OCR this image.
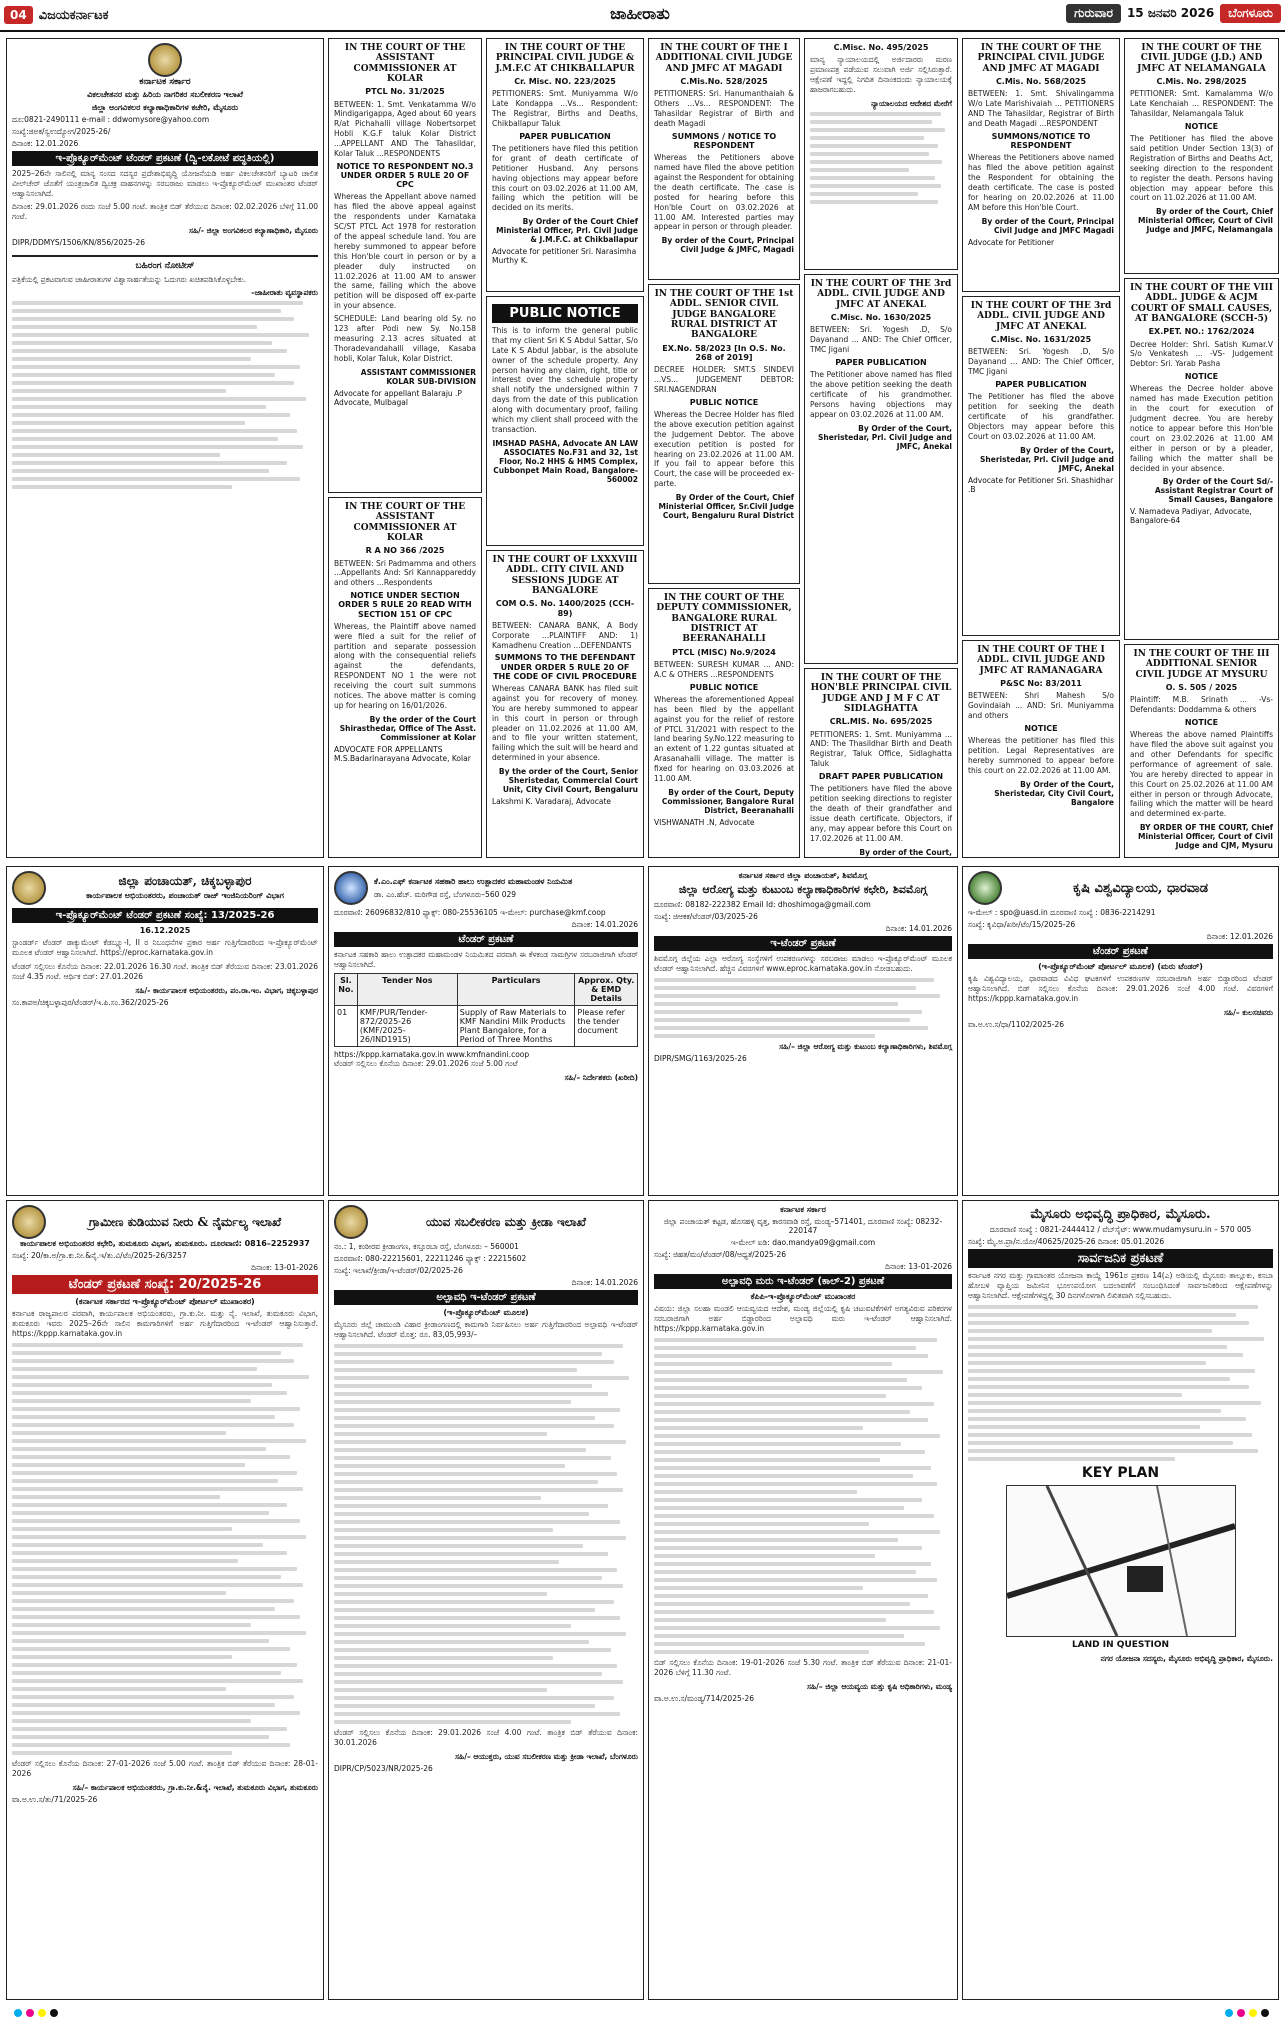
04 ವಿಜಯಕರ್ನಾಟಕ	ಜಾಹೀರಾತು	ಗುರುವಾರ	15 ಜನವರಿ 2026	ಬೆಂಗಳೂರು
ಕರ್ನಾಟಕ ಸರ್ಕಾರ
ವಿಕಲಚೇತನರ ಮತ್ತು ಹಿರಿಯ ನಾಗರಿಕರ ಸಬಲೀಕರಣ ಇಲಾಖೆ
ಜಿಲ್ಲಾ ಅಂಗವಿಕಲರ ಕಲ್ಯಾಣಾಧಿಕಾರಿಗಳ ಕಚೇರಿ, ಮೈಸೂರು
ದೂ:0821-2490111 e-mail : ddwomysore@yahoo.com
ಸಂಖ್ಯೆ:ಜಿಅಕ/ಸ್ವಉದ್ಯೋಗ/2025-26/
ದಿನಾಂಕ: 12.01.2026
ಇ-ಪ್ರೊಕ್ಯೂರ್‌ಮೆಂಟ್ ಟೆಂಡರ್ ಪ್ರಕಟಣೆ (ದ್ವಿ-ಲಕೋಟೆ ಪದ್ಧತಿಯಲ್ಲಿ)
2025–26ನೇ ಸಾಲಿನಲ್ಲಿ ಮಾನ್ಯ ಸಂಸದ ಸದಸ್ಯರ ಪ್ರದೇಶಾಭಿವೃದ್ಧಿ ಯೋಜನೆಯಡಿ ಅರ್ಹ ವಿಕಲಚೇತನರಿಗೆ ಬ್ಯಾಟರಿ ಚಾಲಿತ ವೀಲ್‌ಚೇರ್ ಜೊತೆಗೆ ಯಂತ್ರಚಾಲಿತ ದ್ವಿಚಕ್ರ ವಾಹನಗಳನ್ನು ಸರಬರಾಜು ಮಾಡಲು ಇ-ಪ್ರೊಕ್ಯೂರ್‌ಮೆಂಟ್ ಮುಖಾಂತರ ಟೆಂಡರ್ ಆಹ್ವಾನಿಸಲಾಗಿದೆ.
ದಿನಾಂಕ: 29.01.2026 ರಂದು ಸಂಜೆ 5.00 ಗಂಟೆ. ತಾಂತ್ರಿಕ ಬಿಡ್ ತೆರೆಯುವ ದಿನಾಂಕ: 02.02.2026 ಬೆಳಿಗ್ಗೆ 11.00 ಗಂಟೆ.
ಸಹಿ/- ಜಿಲ್ಲಾ ಅಂಗವಿಕಲರ ಕಲ್ಯಾಣಾಧಿಕಾರಿ, ಮೈಸೂರು
DIPR/DDMYS/1506/KN/856/2025-26
ಬಹಿರಂಗ ನೋಟೀಸ್
ಪತ್ರಿಕೆಯಲ್ಲಿ ಪ್ರಕಟವಾಗುವ ಜಾಹೀರಾತುಗಳ ವಿಶ್ವಾಸಾರ್ಹತೆಯನ್ನು ಓದುಗರು ಖಚಿತಪಡಿಸಿಕೊಳ್ಳಬೇಕು.
–ಜಾಹೀರಾತು ವ್ಯವಸ್ಥಾಪಕರು
IN THE COURT OF THE ASSISTANT COMMISSIONER AT KOLAR
PTCL No. 31/2025
BETWEEN: 1. Smt. Venkatamma W/o Mindigarigappa, Aged about 60 years R/at Pichahalli village Nobertsorpet Hobli K.G.F taluk Kolar District ...APPELLANT AND The Tahasildar, Kolar Taluk ...RESPONDENTS
NOTICE TO RESPONDENT NO.3 UNDER ORDER 5 RULE 20 OF CPC
Whereas the Appellant above named has filed the above appeal against the respondents under Karnataka SC/ST PTCL Act 1978 for restoration of the appeal schedule land. You are hereby summoned to appear before this Hon'ble court in person or by a pleader duly instructed on 11.02.2026 at 11.00 AM to answer the same, failing which the above petition will be disposed off ex-parte in your absence.
SCHEDULE: Land bearing old Sy. no 123 after Podi new Sy. No.158 measuring 2.13 acres situated at Thoradevandahalli village, Kasaba hobli, Kolar Taluk, Kolar District.
ASSISTANT COMMISSIONER KOLAR SUB-DIVISION
Advocate for appellant Balaraju .P Advocate, Mulbagal
IN THE COURT OF THE ASSISTANT COMMISSIONER AT KOLAR
R A NO 366 /2025
BETWEEN: Sri Padmamma and others ...Appellants And: Sri Kannappareddy and others ...Respondents
NOTICE UNDER SECTION ORDER 5 RULE 20 READ WITH SECTION 151 OF CPC
Whereas, the Plaintiff above named were filed a suit for the relief of partition and separate possession along with the consequential reliefs against the defendants, RESPONDENT NO 1 the were not receiving the court suit summons notices. The above matter is coming up for hearing on 16/01/2026.
By the order of the Court Shirasthedar, Office of The Asst. Commissioner at Kolar
ADVOCATE FOR APPELLANTS M.S.Badarinarayana Advocate, Kolar
IN THE COURT OF THE PRINCIPAL CIVIL JUDGE & J.M.F.C AT CHIKBALLAPUR
Cr. Misc. NO. 223/2025
PETITIONERS: Smt. Muniyamma W/o Late Kondappa ...Vs... Respondent: The Registrar, Births and Deaths, Chikballapur Taluk
PAPER PUBLICATION
The petitioners have filed this petition for grant of death certificate of Petitioner Husband. Any persons having objections may appear before this court on 03.02.2026 at 11.00 AM, failing which the petition will be decided on its merits.
By Order of the Court Chief Ministerial Officer, Prl. Civil Judge & J.M.F.C. at Chikballapur
Advocate for petitioner Sri. Narasimha Murthy K.
PUBLIC NOTICE
This is to inform the general public that my client Sri K S Abdul Sattar, S/o Late K S Abdul Jabbar, is the absolute owner of the schedule property. Any person having any claim, right, title or interest over the schedule property shall notify the undersigned within 7 days from the date of this publication along with documentary proof, failing which my client shall proceed with the transaction.
IMSHAD PASHA, Advocate AN LAW ASSOCIATES No.F31 and 32, 1st Floor, No.2 HHS & HMS Complex, Cubbonpet Main Road, Bangalore-560002
IN THE COURT OF LXXXVIII ADDL. CITY CIVIL AND SESSIONS JUDGE AT BANGALORE
COM O.S. No. 1400/2025 (CCH-89)
BETWEEN: CANARA BANK, A Body Corporate ...PLAINTIFF AND: 1) Kamadhenu Creation ...DEFENDANTS
SUMMONS TO THE DEFENDANT UNDER ORDER 5 RULE 20 OF THE CODE OF CIVIL PROCEDURE
Whereas CANARA BANK has filed suit against you for recovery of money. You are hereby summoned to appear in this court in person or through pleader on 11.02.2026 at 11.00 AM, and to file your written statement, failing which the suit will be heard and determined in your absence.
By the order of the Court, Senior Sheristedar, Commercial Court Unit, City Civil Court, Bengaluru
Lakshmi K. Varadaraj, Advocate
IN THE COURT OF THE I ADDITIONAL CIVIL JUDGE AND JMFC AT MAGADI
C.Mis.No. 528/2025
PETITIONERS: Sri. Hanumanthaiah & Others ...Vs... RESPONDENT: The Tahasildar Registrar of Birth and death Magadi
SUMMONS / NOTICE TO RESPONDENT
Whereas the Petitioners above named have filed the above petition against the Respondent for obtaining the death certificate. The case is posted for hearing before this Hon'ble Court on 03.02.2026 at 11.00 AM. Interested parties may appear in person or through pleader.
By order of the Court, Principal Civil Judge & JMFC, Magadi
IN THE COURT OF THE 1st ADDL. SENIOR CIVIL JUDGE BANGALORE RURAL DISTRICT AT BANGALORE
EX.No. 58/2023 [In O.S. No. 268 of 2019]
DECREE HOLDER: SMT.S SINDEVI ...VS... JUDGEMENT DEBTOR: SRI.NAGENDRAN
PUBLIC NOTICE
Whereas the Decree Holder has filed the above execution petition against the Judgement Debtor. The above execution petition is posted for hearing on 23.02.2026 at 11.00 AM. If you fail to appear before this Court, the case will be proceeded ex-parte.
By Order of the Court, Chief Ministerial Officer, Sr.Civil Judge Court, Bengaluru Rural District
IN THE COURT OF THE DEPUTY COMMISSIONER, BANGALORE RURAL DISTRICT AT BEERANAHALLI
PTCL (MISC) No.9/2024
BETWEEN: SURESH KUMAR ... AND: A.C & OTHERS ...RESPONDENTS
PUBLIC NOTICE
Whereas the aforementioned Appeal has been filed by the appellant against you for the relief of restore of PTCL 31/2021 with respect to the land bearing Sy.No.122 measuring to an extent of 1.22 guntas situated at Arasanahalli village. The matter is fixed for hearing on 03.03.2026 at 11.00 AM.
By order of the Court, Deputy Commissioner, Bangalore Rural District, Beeranahalli
VISHWANATH .N, Advocate
C.Misc. No. 495/2025
ಮಾನ್ಯ ನ್ಯಾಯಾಲಯದಲ್ಲಿ ಅರ್ಜಿದಾರರು ಮರಣ ಪ್ರಮಾಣಪತ್ರ ಪಡೆಯುವ ಸಲುವಾಗಿ ಅರ್ಜಿ ಸಲ್ಲಿಸಿರುತ್ತಾರೆ. ಆಕ್ಷೇಪಣೆ ಇದ್ದಲ್ಲಿ ನಿಗದಿತ ದಿನಾಂಕದಂದು ನ್ಯಾಯಾಲಯಕ್ಕೆ ಹಾಜರಾಗಬಹುದು.
ನ್ಯಾಯಾಲಯದ ಆದೇಶದ ಮೇರೆಗೆ
IN THE COURT OF THE 3rd ADDL. CIVIL JUDGE AND JMFC AT ANEKAL
C.Misc. No. 1630/2025
BETWEEN: Sri. Yogesh .D, S/o Dayanand ... AND: The Chief Officer, TMC Jigani
PAPER PUBLICATION
The Petitioner above named has filed the above petition seeking the death certificate of his grandmother. Persons having objections may appear on 03.02.2026 at 11.00 AM.
By Order of the Court, Sheristedar, Prl. Civil Judge and JMFC, Anekal
IN THE COURT OF THE HON'BLE PRINCIPAL CIVIL JUDGE AND J M F C AT SIDLAGHATTA
CRL.MIS. No. 695/2025
PETITIONERS: 1. Smt. Muniyamma ... AND: The Thasildhar Birth and Death Registrar, Taluk Office, Sidlaghatta Taluk
DRAFT PAPER PUBLICATION
The petitioners have filed the above petition seeking directions to register the death of their grandfather and issue death certificate. Objectors, if any, may appear before this Court on 17.02.2026 at 11.00 AM.
By order of the Court,
IN THE COURT OF THE PRINCIPAL CIVIL JUDGE AND JMFC AT MAGADI
C.Mis. No. 568/2025
BETWEEN: 1. Smt. Shivalingamma W/o Late Marishivaiah ... PETITIONERS AND The Tahasildar, Registrar of Birth and Death Magadi ...RESPONDENT
SUMMONS/NOTICE TO RESPONDENT
Whereas the Petitioners above named has filed the above petition against the Respondent for obtaining the death certificate. The case is posted for hearing on 20.02.2026 at 11.00 AM before this Hon'ble Court.
By order of the Court, Principal Civil Judge and JMFC Magadi
Advocate for Petitioner
IN THE COURT OF THE 3rd ADDL. CIVIL JUDGE AND JMFC AT ANEKAL
C.Misc. No. 1631/2025
BETWEEN: Sri. Yogesh .D, S/o Dayanand ... AND: The Chief Officer, TMC Jigani
PAPER PUBLICATION
The Petitioner has filed the above petition for seeking the death certificate of his grandfather. Objectors may appear before this Court on 03.02.2026 at 11.00 AM.
By Order of the Court, Sheristedar, Prl. Civil Judge and JMFC, Anekal
Advocate for Petitioner Sri. Shashidhar .B
IN THE COURT OF THE I ADDL. CIVIL JUDGE AND JMFC AT RAMANAGARA
P&SC No: 83/2011
BETWEEN: Shri Mahesh S/o Govindaiah ... AND: Sri. Muniyamma and others
NOTICE
Whereas the petitioner has filed this petition. Legal Representatives are hereby summoned to appear before this court on 22.02.2026 at 11.00 AM.
By Order of the Court, Sheristedar, City Civil Court, Bangalore
IN THE COURT OF THE CIVIL JUDGE (J.D.) AND JMFC AT NELAMANGALA
C.Mis. No. 298/2025
PETITIONER: Smt. Kamalamma W/o Late Kenchaiah ... RESPONDENT: The Tahasildar, Nelamangala Taluk
NOTICE
The Petitioner has filed the above said petition Under Section 13(3) of Registration of Births and Deaths Act, seeking direction to the respondent to register the death. Persons having objection may appear before this court on 11.02.2026 at 11.00 AM.
By order of the Court, Chief Ministerial Officer, Court of Civil Judge and JMFC, Nelamangala
IN THE COURT OF THE VIII ADDL. JUDGE & ACJM COURT OF SMALL CAUSES, AT BANGALORE (SCCH-5)
EX.PET. NO.: 1762/2024
Decree Holder: Shri. Satish Kumar.V S/o Venkatesh ... -VS- Judgement Debtor: Sri. Yarab Pasha
NOTICE
Whereas the Decree holder above named has made Execution petition in the court for execution of Judgment decree. You are hereby notice to appear before this Hon'ble court on 23.02.2026 at 11.00 AM either in person or by a pleader, failing which the matter shall be decided in your absence.
By Order of the Court Sd/- Assistant Registrar Court of Small Causes, Bangalore
V. Namadeva Padiyar, Advocate, Bangalore-64
IN THE COURT OF THE III ADDITIONAL SENIOR CIVIL JUDGE AT MYSURU
O. S. 505 / 2025
Plaintiff: M.B. Srinath ... -Vs- Defendants: Doddamma & others
NOTICE
Whereas the above named Plaintiffs have filed the above suit against you and other Defendants for specific performance of agreement of sale. You are hereby directed to appear in this Court on 25.02.2026 at 11.00 AM either in person or through Advocate, failing which the matter will be heard and determined ex-parte.
BY ORDER OF THE COURT, Chief Ministerial Officer, Court of Civil Judge and CJM, Mysuru
ಜಿಲ್ಲಾ ಪಂಚಾಯತ್, ಚಿಕ್ಕಬಳ್ಳಾಪುರ
ಕಾರ್ಯಪಾಲಕ ಅಭಿಯಂತರರು, ಪಂಚಾಯತ್ ರಾಜ್ ಇಂಜಿನಿಯರಿಂಗ್ ವಿಭಾಗ
ಇ-ಪ್ರೊಕ್ಯೂರ್‌ಮೆಂಟ್ ಟೆಂಡರ್ ಪ್ರಕಟಣೆ ಸಂಖ್ಯೆ: 13/2025-26
16.12.2025
ಸ್ಟಾಂಡರ್ಡ್ ಟೆಂಡರ್ ಡಾಕ್ಯುಮೆಂಟ್ ಕೆಡಬ್ಲ್ಯೂ-I, II ರ ನಿಬಂಧನೆಗಳ ಪ್ರಕಾರ ಅರ್ಹ ಗುತ್ತಿಗೆದಾರರಿಂದ ಇ-ಪ್ರೊಕ್ಯೂರ್‌ಮೆಂಟ್ ಮೂಲಕ ಟೆಂಡರ್ ಆಹ್ವಾನಿಸಲಾಗಿದೆ. https://eproc.karnataka.gov.in
ಟೆಂಡರ್ ಸಲ್ಲಿಸಲು ಕೊನೆಯ ದಿನಾಂಕ: 22.01.2026 16.30 ಗಂಟೆ. ತಾಂತ್ರಿಕ ಬಿಡ್ ತೆರೆಯುವ ದಿನಾಂಕ: 23.01.2026 ಸಂಜೆ 4.35 ಗಂಟೆ. ಆರ್ಥಿಕ ಬಿಡ್: 27.01.2026
ಸಹಿ/- ಕಾರ್ಯಪಾಲಕ ಅಭಿಯಂತರರು, ಪಂ.ರಾ.ಇಂ. ವಿಭಾಗ, ಚಿಕ್ಕಬಳ್ಳಾಪುರ
ಸಂ.ಕಾಪಅ/ಚಿಕ್ಕಬಳ್ಳಾಪುರ/ಟೆಂಡರ್/ಇ.ಪಿ.ಸಂ.362/2025-26
ಕೆ.ಎಂ.ಎಫ್ ಕರ್ನಾಟಕ ಸಹಕಾರಿ ಹಾಲು ಉತ್ಪಾದಕರ ಮಹಾಮಂಡಳ ನಿಯಮಿತ
ಡಾ. ಎಂ.ಹೆಚ್. ಮರಿಗೌಡ ರಸ್ತೆ, ಬೆಂಗಳೂರು–560 029
ದೂರವಾಣಿ: 26096832/810 ಫ್ಯಾಕ್ಸ್: 080-25536105 ಇ-ಮೇಲ್: purchase@kmf.coop
ದಿನಾಂಕ: 14.01.2026
ಟೆಂಡರ್ ಪ್ರಕಟಣೆ
ಕರ್ನಾಟಕ ಸಹಕಾರಿ ಹಾಲು ಉತ್ಪಾದಕರ ಮಹಾಮಂಡಳ ನಿಯಮಿತದ ಪರವಾಗಿ ಈ ಕೆಳಕಂಡ ಸಾಮಗ್ರಿಗಳ ಸರಬರಾಜಿಗಾಗಿ ಟೆಂಡರ್ ಆಹ್ವಾನಿಸಲಾಗಿದೆ.
Sl. No.	Tender Nos	Particulars	Approx. Qty. & EMD Details
01	KMF/PUR/Tender-872/2025-26 (KMF/2025-26/IND1915)	Supply of Raw Materials to KMF Nandini Milk Products Plant Bangalore, for a Period of Three Months	Please refer the tender document
https://kppp.karnataka.gov.in www.kmfnandini.coop
ಟೆಂಡರ್ ಸಲ್ಲಿಸಲು ಕೊನೆಯ ದಿನಾಂಕ: 29.01.2026 ಸಂಜೆ 5.00 ಗಂಟೆ
ಸಹಿ/– ನಿರ್ದೇಶಕರು (ಖರೀದಿ)
ಕರ್ನಾಟಕ ಸರ್ಕಾರ ಜಿಲ್ಲಾ ಪಂಚಾಯತ್, ಶಿವಮೊಗ್ಗ
ಜಿಲ್ಲಾ ಆರೋಗ್ಯ ಮತ್ತು ಕುಟುಂಬ ಕಲ್ಯಾಣಾಧಿಕಾರಿಗಳ ಕಛೇರಿ, ಶಿವಮೊಗ್ಗ
ದೂರವಾಣಿ: 08182-222382 Email Id: dhoshimoga@gmail.com
ಸಂಖ್ಯೆ: ಜಿಆಕಕ/ಟೆಂಡರ್/03/2025-26
ದಿನಾಂಕ: 14.01.2026
ಇ-ಟೆಂಡರ್ ಪ್ರಕಟಣೆ
ಶಿವಮೊಗ್ಗ ಜಿಲ್ಲೆಯ ಎಲ್ಲಾ ಆರೋಗ್ಯ ಸಂಸ್ಥೆಗಳಿಗೆ ಉಪಕರಣಗಳನ್ನು ಸರಬರಾಜು ಮಾಡಲು ಇ-ಪ್ರೊಕ್ಯೂರ್‌ಮೆಂಟ್ ಮೂಲಕ ಟೆಂಡರ್ ಆಹ್ವಾನಿಸಲಾಗಿದೆ. ಹೆಚ್ಚಿನ ವಿವರಗಳಿಗೆ www.eproc.karnataka.gov.in ನೋಡಬಹುದು.
ಸಹಿ/– ಜಿಲ್ಲಾ ಆರೋಗ್ಯ ಮತ್ತು ಕುಟುಂಬ ಕಲ್ಯಾಣಾಧಿಕಾರಿಗಳು, ಶಿವಮೊಗ್ಗ
DIPR/SMG/1163/2025-26
ಕೃಷಿ ವಿಶ್ವವಿದ್ಯಾಲಯ, ಧಾರವಾಡ
ಇ-ಮೇಲ್ : spo@uasd.in ದೂರವಾಣಿ ಸಂಖ್ಯೆ : 0836-2214291
ಸಂಖ್ಯೆ: ಕೃವಿಧಾ/ಖರೀ/ಟೆಂ/15/2025-26
ದಿನಾಂಕ: 12.01.2026
ಟೆಂಡರ್ ಪ್ರಕಟಣೆ
(ಇ-ಪ್ರೊಕ್ಯೂರ್‌ಮೆಂಟ್ ಪೋರ್ಟಲ್ ಮೂಲಕ) (ಮರು ಟೆಂಡರ್)
ಕೃಷಿ ವಿಶ್ವವಿದ್ಯಾಲಯ, ಧಾರವಾಡದ ವಿವಿಧ ಘಟಕಗಳಿಗೆ ಉಪಕರಣಗಳ ಸರಬರಾಜಿಗಾಗಿ ಅರ್ಹ ಬಿಡ್ದಾರರಿಂದ ಟೆಂಡರ್ ಆಹ್ವಾನಿಸಲಾಗಿದೆ. ಬಿಡ್ ಸಲ್ಲಿಸಲು ಕೊನೆಯ ದಿನಾಂಕ: 29.01.2026 ಸಂಜೆ 4.00 ಗಂಟೆ. ವಿವರಗಳಿಗೆ https://kppp.karnataka.gov.in
ಸಹಿ/– ಕುಲಸಚಿವರು
ವಾ.ಅ.ಉ.ಸ/ಧಾ/1102/2025-26
ಗ್ರಾಮೀಣ ಕುಡಿಯುವ ನೀರು & ನೈರ್ಮಲ್ಯ ಇಲಾಖೆ
ಕಾರ್ಯಪಾಲಕ ಅಭಿಯಂತರರ ಕಛೇರಿ, ತುಮಕೂರು ವಿಭಾಗ, ತುಮಕೂರು. ದೂರವಾಣಿ: 0816–2252937
ಸಂಖ್ಯೆ: 20/ಕಾ.ಅ/ಗ್ರಾ.ಕು.ನೀ.&ನೈ.ಇ/ತು.ವಿ/ಟೆಂ/2025-26/3257
ದಿನಾಂಕ: 13-01-2026
ಟೆಂಡರ್ ಪ್ರಕಟಣೆ ಸಂಖ್ಯೆ: 20/2025-26
(ಕರ್ನಾಟಕ ಸರ್ಕಾರದ ಇ-ಪ್ರೊಕ್ಯೂರ್‌ಮೆಂಟ್ ಪೋರ್ಟಲ್ ಮುಖಾಂತರ)
ಕರ್ನಾಟಕ ರಾಜ್ಯಪಾಲರ ಪರವಾಗಿ, ಕಾರ್ಯಪಾಲಕ ಅಭಿಯಂತರರು, ಗ್ರಾ.ಕು.ನೀ. ಮತ್ತು ನೈ. ಇಲಾಖೆ, ತುಮಕೂರು ವಿಭಾಗ, ತುಮಕೂರು ಇವರು 2025–26ನೇ ಸಾಲಿನ ಕಾಮಗಾರಿಗಳಿಗೆ ಅರ್ಹ ಗುತ್ತಿಗೆದಾರರಿಂದ ಇ-ಟೆಂಡರ್ ಆಹ್ವಾನಿಸುತ್ತಾರೆ. https://kppp.karnataka.gov.in
ಟೆಂಡರ್ ಸಲ್ಲಿಸಲು ಕೊನೆಯ ದಿನಾಂಕ: 27-01-2026 ಸಂಜೆ 5.00 ಗಂಟೆ. ತಾಂತ್ರಿಕ ಬಿಡ್ ತೆರೆಯುವ ದಿನಾಂಕ: 28-01-2026
ಸಹಿ/– ಕಾರ್ಯಪಾಲಕ ಅಭಿಯಂತರರು, ಗ್ರಾ.ಕು.ನೀ.&ನೈ. ಇಲಾಖೆ, ತುಮಕೂರು ವಿಭಾಗ, ತುಮಕೂರು
ವಾ.ಅ.ಉ.ಸ/ತು/71/2025-26
ಯುವ ಸಬಲೀಕರಣ ಮತ್ತು ಕ್ರೀಡಾ ಇಲಾಖೆ
ನಂ.: 1, ಕಂಠೀರವ ಕ್ರೀಡಾಂಗಣ, ಕಸ್ತೂರಬಾ ರಸ್ತೆ, ಬೆಂಗಳೂರು – 560001
ದೂರವಾಣಿ: 080-22215601, 22211246 ಫ್ಯಾಕ್ಸ್ : 22215602
ಸಂಖ್ಯೆ: ಇಲಾಖೆ/ಕ್ರೀಡಾ/ಇ-ಟೆಂಡರ್/02/2025-26
ದಿನಾಂಕ: 14.01.2026
ಅಲ್ಪಾವಧಿ ಇ-ಟೆಂಡರ್ ಪ್ರಕಟಣೆ
(ಇ-ಪ್ರೊಕ್ಯೂರ್‌ಮೆಂಟ್ ಮೂಲಕ)
ಮೈಸೂರು ಜಿಲ್ಲೆ ಚಾಮುಂಡಿ ವಿಹಾರ ಕ್ರೀಡಾಂಗಣದಲ್ಲಿ ಕಾಮಗಾರಿ ನಿರ್ವಹಿಸಲು ಅರ್ಹ ಗುತ್ತಿಗೆದಾರರಿಂದ ಅಲ್ಪಾವಧಿ ಇ-ಟೆಂಡರ್ ಆಹ್ವಾನಿಸಲಾಗಿದೆ. ಟೆಂಡರ್ ಮೊತ್ತ: ರೂ. 83,05,993/–
ಟೆಂಡರ್ ಸಲ್ಲಿಸಲು ಕೊನೆಯ ದಿನಾಂಕ: 29.01.2026 ಸಂಜೆ 4.00 ಗಂಟೆ. ತಾಂತ್ರಿಕ ಬಿಡ್ ತೆರೆಯುವ ದಿನಾಂಕ: 30.01.2026
ಸಹಿ/– ಆಯುಕ್ತರು, ಯುವ ಸಬಲೀಕರಣ ಮತ್ತು ಕ್ರೀಡಾ ಇಲಾಖೆ, ಬೆಂಗಳೂರು
DIPR/CP/5023/NR/2025-26
ಕರ್ನಾಟಕ ಸರ್ಕಾರ
ಜಿಲ್ಲಾ ಪಂಚಾಯತ್ ಕಟ್ಟಡ, ಹೊಸಹಳ್ಳಿ ವೃತ್ತ, ಕಾರಸವಾಡಿ ರಸ್ತೆ, ಮಂಡ್ಯ–571401, ದೂರವಾಣಿ ಸಂಖ್ಯೆ: 08232-220147
ಇ-ಮೇಲ್ ಐಡಿ: dao.mandya09@gmail.com
ಸಂಖ್ಯೆ: ಜಿಹತ/ಮಂ/ಟೆಂಡರ್/08/ಆಧ್ಯತೆ/2025-26
ದಿನಾಂಕ: 13-01-2026
ಅಲ್ಪಾವಧಿ ಮರು ಇ-ಟೆಂಡರ್ (ಕಾಲ್-2) ಪ್ರಕಟಣೆ
ಕೆಪಿಪಿ-ಇ-ಪ್ರೊಕ್ಯೂರ್‌ಮೆಂಟ್ ಮುಖಾಂತರ
ವಿಷಯ: ಜಿಲ್ಲಾ ಸಲಹಾ ಮಂಡಲಿ ಆಯವ್ಯಯದ ಆದೇಶ, ಮಂಡ್ಯ ಜಿಲ್ಲೆಯಲ್ಲಿ ಕೃಷಿ ಚಟುವಟಿಕೆಗಳಿಗೆ ಅಗತ್ಯವಿರುವ ಪರಿಕರಗಳ ಸರಬರಾಜಿಗಾಗಿ ಅರ್ಹ ಬಿಡ್ದಾರರಿಂದ ಅಲ್ಪಾವಧಿ ಮರು ಇ-ಟೆಂಡರ್ ಆಹ್ವಾನಿಸಲಾಗಿದೆ. https://kppp.karnataka.gov.in
ಬಿಡ್ ಸಲ್ಲಿಸಲು ಕೊನೆಯ ದಿನಾಂಕ: 19-01-2026 ಸಂಜೆ 5.30 ಗಂಟೆ. ತಾಂತ್ರಿಕ ಬಿಡ್ ತೆರೆಯುವ ದಿನಾಂಕ: 21-01-2026 ಬೆಳಿಗ್ಗೆ 11.30 ಗಂಟೆ.
ಸಹಿ/– ಜಿಲ್ಲಾ ಆಯವ್ಯಯ ಮತ್ತು ಕೃಷಿ ಅಧಿಕಾರಿಗಳು, ಮಂಡ್ಯ
ವಾ.ಅ.ಉ.ಸ/ಮಂಡ್ಯ/714/2025-26
ಮೈಸೂರು ಅಭಿವೃದ್ಧಿ ಪ್ರಾಧಿಕಾರ, ಮೈಸೂರು.
ದೂರವಾಣಿ ಸಂಖ್ಯೆ : 0821-2444412 / ವೆಬ್‌ಸೈಟ್: www.mudamysuru.in – 570 005
ಸಂಖ್ಯೆ: ಮೈ.ಅ.ಪ್ರಾ/ನ.ಯೋ/40625/2025-26 ದಿನಾಂಕ: 05.01.2026
ಸಾರ್ವಜನಿಕ ಪ್ರಕಟಣೆ
ಕರ್ನಾಟಕ ನಗರ ಮತ್ತು ಗ್ರಾಮಾಂತರ ಯೋಜನಾ ಕಾಯ್ದೆ 1961ರ ಪ್ರಕರಣ 14(ಎ) ಅಡಿಯಲ್ಲಿ ಮೈಸೂರು ತಾಲ್ಲೂಕು, ಕಸಬಾ ಹೋಬಳಿ ವ್ಯಾಪ್ತಿಯ ಜಮೀನಿನ ಭೂಉಪಯೋಗ ಬದಲಾವಣೆಗೆ ಸಂಬಂಧಿಸಿದಂತೆ ಸಾರ್ವಜನಿಕರಿಂದ ಆಕ್ಷೇಪಣೆಗಳನ್ನು ಆಹ್ವಾನಿಸಲಾಗಿದೆ. ಆಕ್ಷೇಪಣೆಗಳಿದ್ದಲ್ಲಿ 30 ದಿನಗಳೊಳಗಾಗಿ ಲಿಖಿತವಾಗಿ ಸಲ್ಲಿಸಬಹುದು.
KEY PLAN
LAND IN QUESTION
ನಗರ ಯೋಜನಾ ಸದಸ್ಯರು, ಮೈಸೂರು ಅಭಿವೃದ್ಧಿ ಪ್ರಾಧಿಕಾರ, ಮೈಸೂರು.
